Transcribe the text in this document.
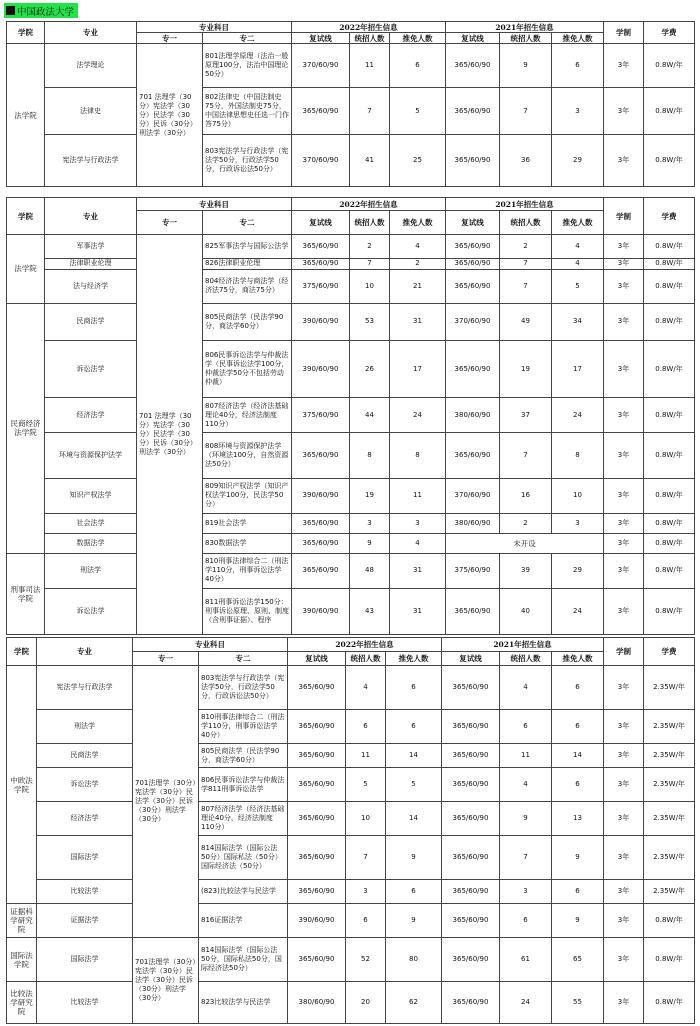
中国政法大学
学院	专业	专业科目		2022年招生信息			2021年招生信息			学制	学费
		专一	专二	复试线	统招人数	推免人数	复试线	统招人数	推免人数		
法学院	法学理论	701 法理学（30分）宪法学（30分）民法学（30分）民诉（30分）刑法学（30分）	801法理学原理（法治一般原理100分，法治中国理论50分）	370/60/90	11	6	365/60/90	9	6	3年	0.8W/年
	法律史		802法律史（中国法制史75分，外国法制史75分，中国法律思想史任选一门作答75分）	365/60/90	7	5	365/60/90	7	3	3年	0.8W/年
	宪法学与行政法学		803宪法学与行政法学（宪法学50分，行政法学50分，行政诉讼法50分）	370/60/90	41	25	365/60/90	36	29	3年	0.8W/年
学院	专业	专业科目		2022年招生信息			2021年招生信息			学制	学费
		专一	专二	复试线	统招人数	推免人数	复试线	统招人数	推免人数		
法学院	军事法学	701 法理学（30分）宪法学（30分）民法学（30分）民诉（30分）刑法学（30分）	825军事法学与国际公法学	365/60/90	2	4	365/60/90	2	4	3年	0.8W/年
	法律职业伦理		826法律职业伦理	365/60/90	7	2	365/60/90	7	4	3年	0.8W/年
	法与经济学		804经济法学与商法学（经济法75分，商法75分）	375/60/90	10	21	365/60/90	7	5	3年	0.8W/年
民商经济法学院	民商法学		805民商法学（民法学90分，商法学60分）	390/60/90	53	31	370/60/90	49	34	3年	0.8W/年
	诉讼法学		806民事诉讼法学与仲裁法学（民事诉讼法学100分，仲裁法学50分不包括劳动仲裁）	390/60/90	26	17	365/60/90	19	17	3年	0.8W/年
	经济法学		807经济法学（经济法基础理论40分，经济法制度110分）	375/60/90	44	24	380/60/90	37	24	3年	0.8W/年
	环境与资源保护法学		808环境与资源保护法学（环境法100分，自然资源法50分）	365/60/90	8	8	365/60/90	7	8	3年	0.8W/年
	知识产权法学		809知识产权法学（知识产权法学100分，民法学50分）	390/60/90	19	11	370/60/90	16	10	3年	0.8W/年
	社会法学		819社会法学	365/60/90	3	3	380/60/90	2	3	3年	0.8W/年
	数据法学		830数据法学	365/60/90	9	4	未开设			3年	0.8W/年
刑事司法学院	刑法学		810刑事法律综合二（刑法学110分，刑事诉讼法学40分）	365/60/90	48	31	375/60/90	39	29	3年	0.8W/年
	诉讼法学		811刑事诉讼法学150分：刑事诉讼原理、原则、制度（含刑事证据）、程序	390/60/90	43	31	365/60/90	40	24	3年	0.8W/年
学院	专业	专业科目		2022年招生信息			2021年招生信息			学制	学费
		专一	专二	复试线	统招人数	推免人数	复试线	统招人数	推免人数		
中欧法学院	宪法学与行政法学	701法理学（30分）宪法学（30分）民法学（30分）民诉（30分）刑法学（30分）	803宪法学与行政法学（宪法学50分，行政法学50分，行政诉讼法50分）	365/60/90	4	6	365/60/90	4	6	3年	2.35W/年
	刑法学		810刑事法律综合二（刑法学110分，刑事诉讼法学40分）	365/60/90	6	6	365/60/90	6	6	3年	2.35W/年
	民商法学		805民商法学（民法学90分，商法学60分）	365/60/90	11	14	365/60/90	11	14	3年	2.35W/年
	诉讼法学		806民事诉讼法学与仲裁法学811刑事诉讼法学	365/60/90	5	5	365/60/90	4	6	3年	2.35W/年
	经济法学		807经济法学（经济法基础理论40分，经济法制度110分）	365/60/90	10	14	365/60/90	9	13	3年	2.35W/年
	国际法学		814国际法学（国际公法50分）国际私法（50分）国际经济法（50分）	365/60/90	7	9	365/60/90	7	9	3年	2.35W/年
	比较法学		(823)比较法学与民法学	365/60/90	3	6	365/60/90	3	6	3年	2.35W/年
证据科学研究院	证据法学		816证据法学	390/60/90	6	9	365/60/90	6	9	3年	0.8W/年
国际法学院	国际法学	701法理学（30分）宪法学（30分）民法学（30分）民诉（30分）刑法学（30分）	814国际法学（国际公法50分，国际私法50分，国际经济法50分）	365/60/90	52	80	365/60/90	61	65	3年	0.8W/年
比较法学研究院	比较法学		823比较法学与民法学	380/60/90	20	62	365/60/90	24	55	3年	0.8W/年
